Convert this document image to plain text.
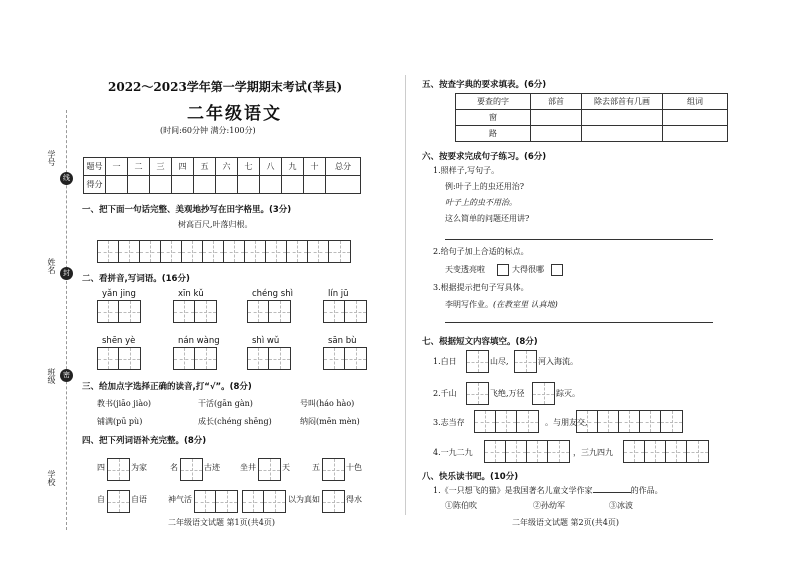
学号
姓名
班级
学校
线
封
密
2022～2023学年第一学期期末考试(莘县)
二年级语文
(时间:60分钟 满分:100分)
题号	一	二	三	四	五	六	七	八	九	十	总分
得分											
一、把下面一句话完整、美观地抄写在田字格里。(3分)
树高百尺,叶落归根。
二、看拼音,写词语。(16分)
yǎn jing	xīn kǔ	chéng shì	lín jū
shēn yè	nán wàng	shì wǔ	sān bù
三、给加点字选择正确的读音,打“√”。(8分)
教书(jiāo jiào)	干活(gān gàn)	号叫(háo hào)
铺满(pū pù)	成长(chéng shēng)	纳闷(mēn mèn)
四、把下列词语补充完整。(8分)
四	为家	名	古迹	坐井	天	五	十色
自	自语	神气活	以为真 如	得水
二年级语文试题 第1页(共4页)
五、按查字典的要求填表。(6分)
要查的字	部首	除去部首有几画	组词
窗			
路			
六、按要求完成句子练习。(6分)
1.照样子,写句子。
例:叶子上的虫还用治?
叶子上的虫不用治。
这么简单的问题还用讲?
2.给句子加上合适的标点。
天变透亮啦	大得很哪
3.根据提示把句子写具体。
李明写作业。(在教室里 认真地)
七、根据短文内容填空。(8分)
1.白日	山尽,	河入海流。
2.千山	飞绝,万径	踪灭。
3.志当存	。与朋友交,
4.一九二九	，三九四九
八、快乐读书吧。(10分)
1.《一只想飞的猫》是我国著名儿童文学作家	的作品。
①陈伯吹	②孙幼军	③冰波
二年级语文试题 第2页(共4页)
